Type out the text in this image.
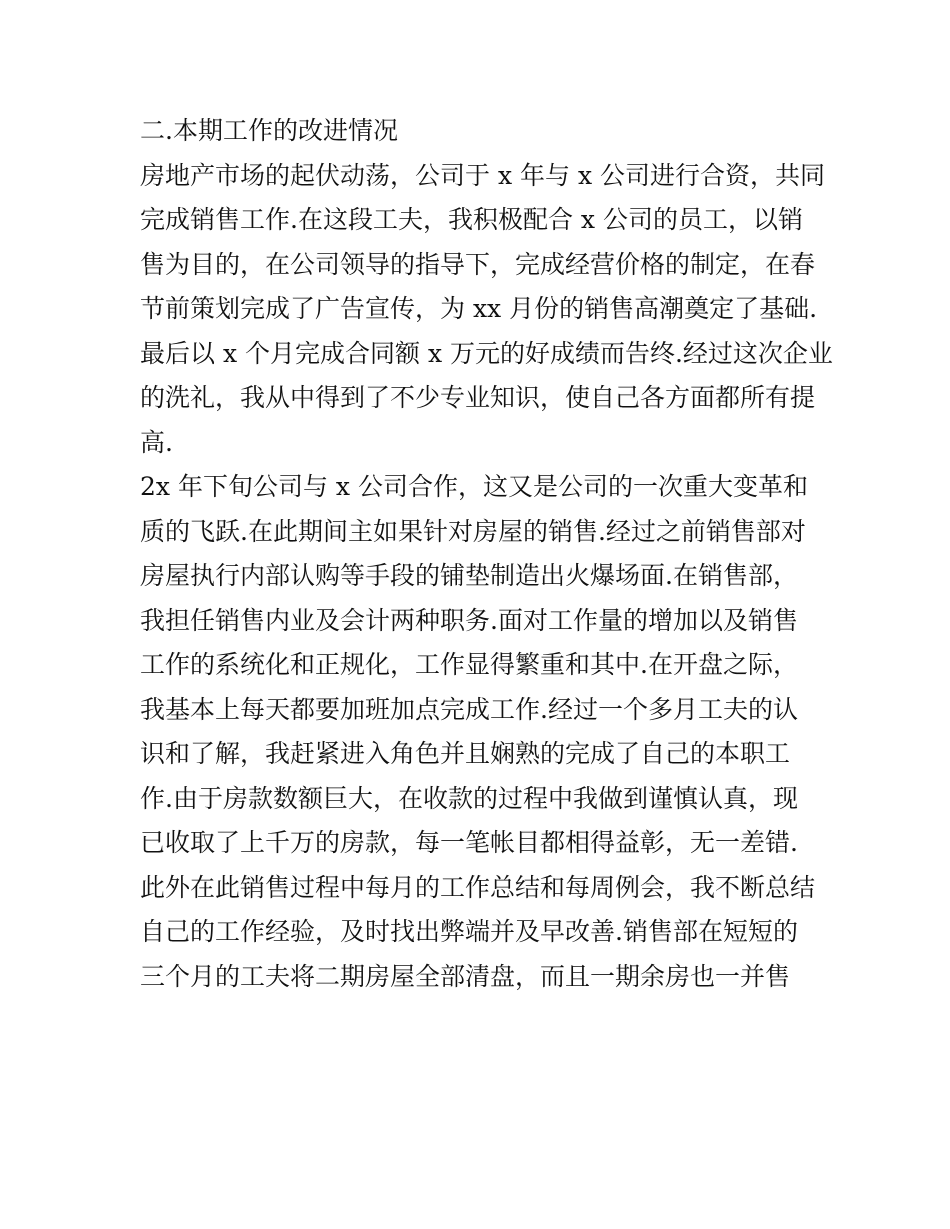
二.本期工作的改进情况
房地产市场的起伏动荡，公司于 x 年与 x 公司进行合资，共同
完成销售工作.在这段工夫，我积极配合 x 公司的员工，以销
售为目的，在公司领导的指导下，完成经营价格的制定，在春
节前策划完成了广告宣传，为 xx 月份的销售高潮奠定了基础.
最后以 x 个月完成合同额 x 万元的好成绩而告终.经过这次企业
的洗礼，我从中得到了不少专业知识，使自己各方面都所有提
高.
2x 年下旬公司与 x 公司合作，这又是公司的一次重大变革和
质的飞跃.在此期间主如果针对房屋的销售.经过之前销售部对
房屋执行内部认购等手段的铺垫制造出火爆场面.在销售部，
我担任销售内业及会计两种职务.面对工作量的增加以及销售
工作的系统化和正规化，工作显得繁重和其中.在开盘之际，
我基本上每天都要加班加点完成工作.经过一个多月工夫的认
识和了解，我赶紧进入角色并且娴熟的完成了自己的本职工
作.由于房款数额巨大，在收款的过程中我做到谨慎认真，现
已收取了上千万的房款，每一笔帐目都相得益彰，无一差错.
此外在此销售过程中每月的工作总结和每周例会，我不断总结
自己的工作经验，及时找出弊端并及早改善.销售部在短短的
三个月的工夫将二期房屋全部清盘，而且一期余房也一并售
